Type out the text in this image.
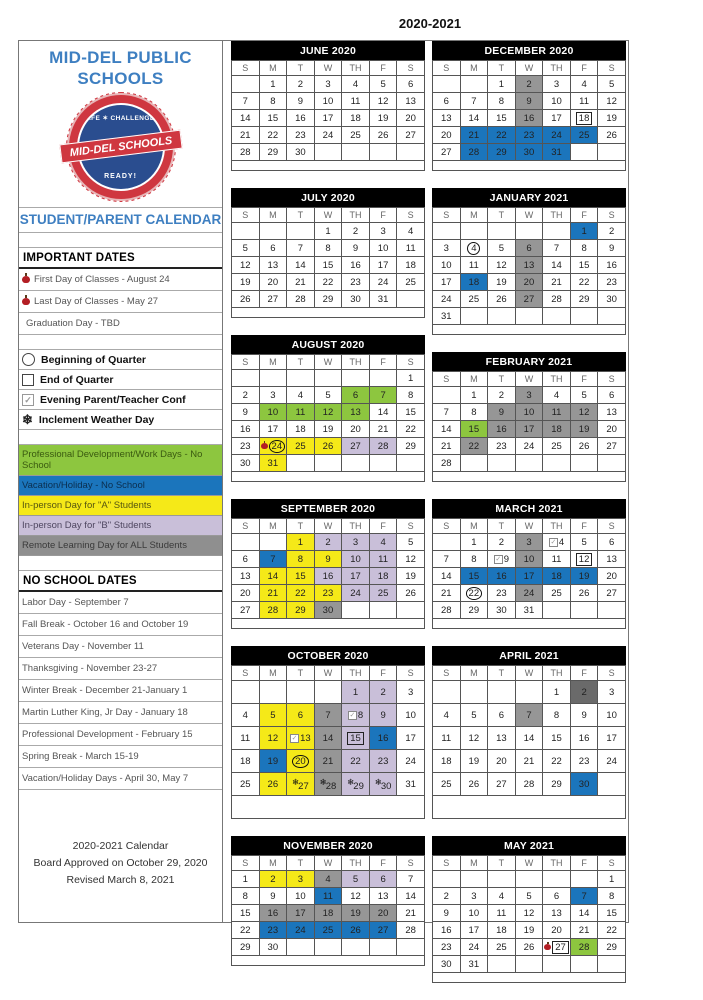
2020-2021
MID-DEL PUBLIC
SCHOOLS
SAFE ✶ CHALLENGED
READY!
MID-DEL SCHOOLS
STUDENT/PARENT CALENDAR
IMPORTANT DATES
First Day of Classes - August 24
Last Day of Classes - May 27
Graduation Day - TBD
Beginning of Quarter
End of Quarter
✓ Evening Parent/Teacher Conf
❄ Inclement Weather Day
Professional Development/Work Days - No School
Vacation/Holiday - No School
In-person Day for "A" Students
In-person Day for "B" Students
Remote Learning Day for ALL Students
NO SCHOOL DATES
Labor Day - September 7
Fall Break - October 16 and October 19
Veterans Day - November 11
Thanksgiving - November 23-27
Winter Break - December 21-January 1
Martin Luther King, Jr Day - January 18
Professional Development - February 15
Spring Break - March 15-19
Vacation/Holiday Days - April 30, May 7
2020-2021 Calendar
Board Approved on October 29, 2020
Revised March 8, 2021
JUNE 2020
S	M	T	W	TH	F	S
	1	2	3	4	5	6
7	8	9	10	11	12	13
14	15	16	17	18	19	20
21	22	23	24	25	26	27
28	29	30				

JULY 2020
S	M	T	W	TH	F	S
			1	2	3	4
5	6	7	8	9	10	11
12	13	14	15	16	17	18
19	20	21	22	23	24	25
26	27	28	29	30	31	

AUGUST 2020
S	M	T	W	TH	F	S
						1
2	3	4	5	6	7	8
9	10	11	12	13	14	15
16	17	18	19	20	21	22
23	24	25	26	27	28	29
30	31					

SEPTEMBER 2020
S	M	T	W	TH	F	S
		1	2	3	4	5
6	7	8	9	10	11	12
13	14	15	16	17	18	19
20	21	22	23	24	25	26
27	28	29	30			

OCTOBER 2020
S	M	T	W	TH	F	S
				1	2	3
4	5	6	7	✓ 8	9	10
11	12	✓ 13	14	15	16	17
18	19	20	21	22	23	24
25	26	❄27	❄28	❄29	❄30	31

NOVEMBER 2020
S	M	T	W	TH	F	S
1	2	3	4	5	6	7
8	9	10	11	12	13	14
15	16	17	18	19	20	21
22	23	24	25	26	27	28
29	30					

DECEMBER 2020
S	M	T	W	TH	F	S
		1	2	3	4	5
6	7	8	9	10	11	12
13	14	15	16	17	18	19
20	21	22	23	24	25	26
27	28	29	30	31		

JANUARY 2021
S	M	T	W	TH	F	S
					1	2
3	4	5	6	7	8	9
10	11	12	13	14	15	16
17	18	19	20	21	22	23
24	25	26	27	28	29	30
31						

FEBRUARY 2021
S	M	T	W	TH	F	S
	1	2	3	4	5	6
7	8	9	10	11	12	13
14	15	16	17	18	19	20
21	22	23	24	25	26	27
28						

MARCH 2021
S	M	T	W	TH	F	S
	1	2	3	✓ 4	5	6
7	8	✓ 9	10	11	12	13
14	15	16	17	18	19	20
21	22	23	24	25	26	27
28	29	30	31			

APRIL 2021
S	M	T	W	TH	F	S
				1	2	3
4	5	6	7	8	9	10
11	12	13	14	15	16	17
18	19	20	21	22	23	24
25	26	27	28	29	30	

MAY 2021
S	M	T	W	TH	F	S
						1
2	3	4	5	6	7	8
9	10	11	12	13	14	15
16	17	18	19	20	21	22
23	24	25	26	27	28	29
30	31					
